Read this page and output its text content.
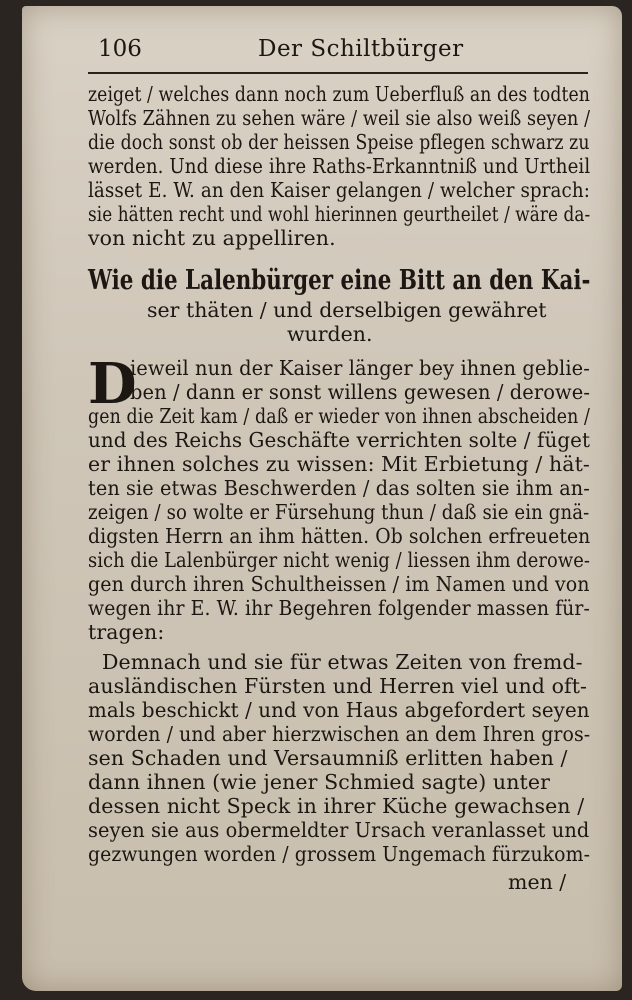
106	Der Schiltbürger
zeiget / welches dann noch zum Ueberfluß an des todten
Wolfs Zähnen zu sehen wäre / weil sie also weiß seyen /
die doch sonst ob der heissen Speise pflegen schwarz zu
werden. Und diese ihre Raths-Erkanntniß und Urtheil
lässet E. W. an den Kaiser gelangen / welcher sprach:
sie hätten recht und wohl hierinnen geurtheilet / wäre da-
von nicht zu appelliren.
Wie die Lalenbürger eine Bitt an den Kai-
ser thäten / und derselbigen gewähret
wurden.
D
ieweil nun der Kaiser länger bey ihnen geblie-
ben / dann er sonst willens gewesen / derowe-
gen die Zeit kam / daß er wieder von ihnen abscheiden /
und des Reichs Geschäfte verrichten solte / füget
er ihnen solches zu wissen: Mit Erbietung / hät-
ten sie etwas Beschwerden / das solten sie ihm an-
zeigen / so wolte er Fürsehung thun / daß sie ein gnä-
digsten Herrn an ihm hätten. Ob solchen erfreueten
sich die Lalenbürger nicht wenig / liessen ihm derowe-
gen durch ihren Schultheissen / im Namen und von
wegen ihr E. W. ihr Begehren folgender massen für-
tragen:
Demnach und sie für etwas Zeiten von fremd-
ausländischen Fürsten und Herren viel und oft-
mals beschickt / und von Haus abgefordert seyen
worden / und aber hierzwischen an dem Ihren gros-
sen Schaden und Versaumniß erlitten haben /
dann ihnen (wie jener Schmied sagte) unter
dessen nicht Speck in ihrer Küche gewachsen /
seyen sie aus obermeldter Ursach veranlasset und
gezwungen worden / grossem Ungemach fürzukom-
men /
